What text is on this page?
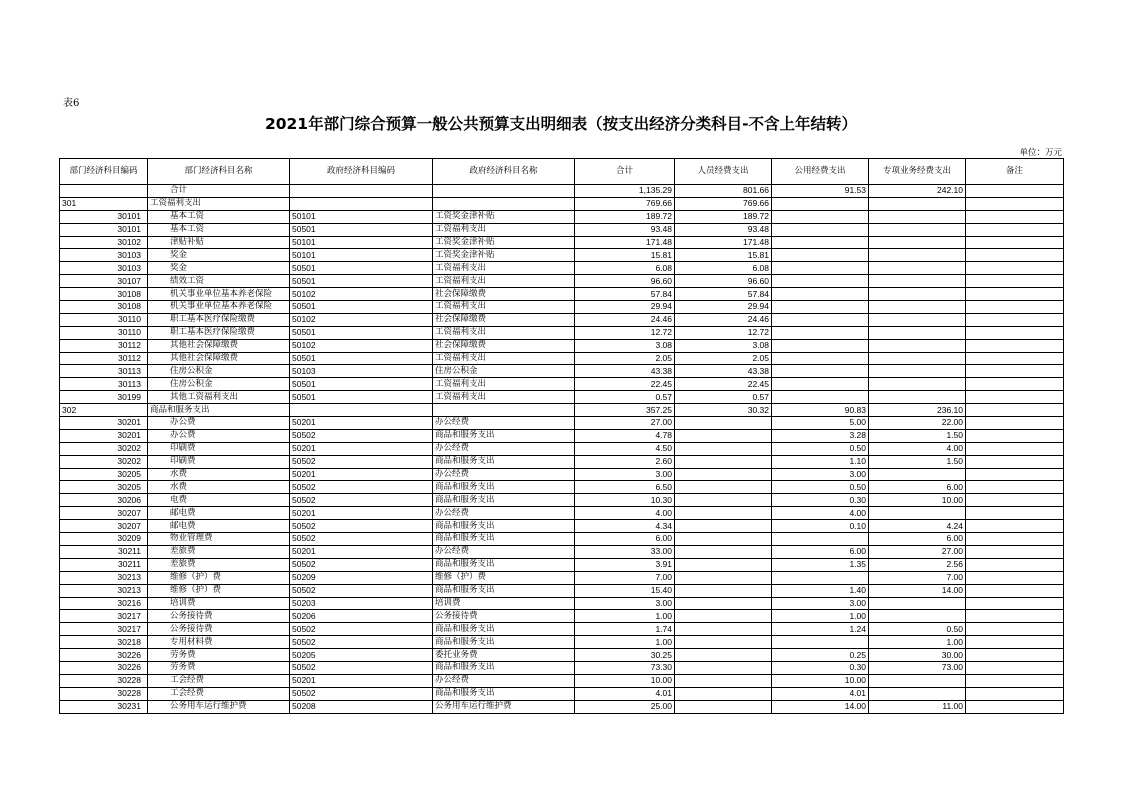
表6
2021年部门综合预算一般公共预算支出明细表（按支出经济分类科目-不含上年结转）
单位：万元
部门经济科目编码	部门经济科目名称	政府经济科目编码	政府经济科目名称	合计	人员经费支出	公用经费支出	专项业务经费支出	备注
	合计			1,135.29	801.66	91.53	242.10	
301	工资福利支出			769.66	769.66			
30101	基本工资	50101	工资奖金津补贴	189.72	189.72			
30101	基本工资	50501	工资福利支出	93.48	93.48			
30102	津贴补贴	50101	工资奖金津补贴	171.48	171.48			
30103	奖金	50101	工资奖金津补贴	15.81	15.81			
30103	奖金	50501	工资福利支出	6.08	6.08			
30107	绩效工资	50501	工资福利支出	96.60	96.60			
30108	机关事业单位基本养老保险	50102	社会保障缴费	57.84	57.84			
30108	机关事业单位基本养老保险	50501	工资福利支出	29.94	29.94			
30110	职工基本医疗保险缴费	50102	社会保障缴费	24.46	24.46			
30110	职工基本医疗保险缴费	50501	工资福利支出	12.72	12.72			
30112	其他社会保障缴费	50102	社会保障缴费	3.08	3.08			
30112	其他社会保障缴费	50501	工资福利支出	2.05	2.05			
30113	住房公积金	50103	住房公积金	43.38	43.38			
30113	住房公积金	50501	工资福利支出	22.45	22.45			
30199	其他工资福利支出	50501	工资福利支出	0.57	0.57			
302	商品和服务支出			357.25	30.32	90.83	236.10	
30201	办公费	50201	办公经费	27.00		5.00	22.00	
30201	办公费	50502	商品和服务支出	4.78		3.28	1.50	
30202	印刷费	50201	办公经费	4.50		0.50	4.00	
30202	印刷费	50502	商品和服务支出	2.60		1.10	1.50	
30205	水费	50201	办公经费	3.00		3.00		
30205	水费	50502	商品和服务支出	6.50		0.50	6.00	
30206	电费	50502	商品和服务支出	10.30		0.30	10.00	
30207	邮电费	50201	办公经费	4.00		4.00		
30207	邮电费	50502	商品和服务支出	4.34		0.10	4.24	
30209	物业管理费	50502	商品和服务支出	6.00			6.00	
30211	差旅费	50201	办公经费	33.00		6.00	27.00	
30211	差旅费	50502	商品和服务支出	3.91		1.35	2.56	
30213	维修（护）费	50209	维修（护）费	7.00			7.00	
30213	维修（护）费	50502	商品和服务支出	15.40		1.40	14.00	
30216	培训费	50203	培训费	3.00		3.00		
30217	公务接待费	50206	公务接待费	1.00		1.00		
30217	公务接待费	50502	商品和服务支出	1.74		1.24	0.50	
30218	专用材料费	50502	商品和服务支出	1.00			1.00	
30226	劳务费	50205	委托业务费	30.25		0.25	30.00	
30226	劳务费	50502	商品和服务支出	73.30		0.30	73.00	
30228	工会经费	50201	办公经费	10.00		10.00		
30228	工会经费	50502	商品和服务支出	4.01		4.01		
30231	公务用车运行维护费	50208	公务用车运行维护费	25.00		14.00	11.00	
